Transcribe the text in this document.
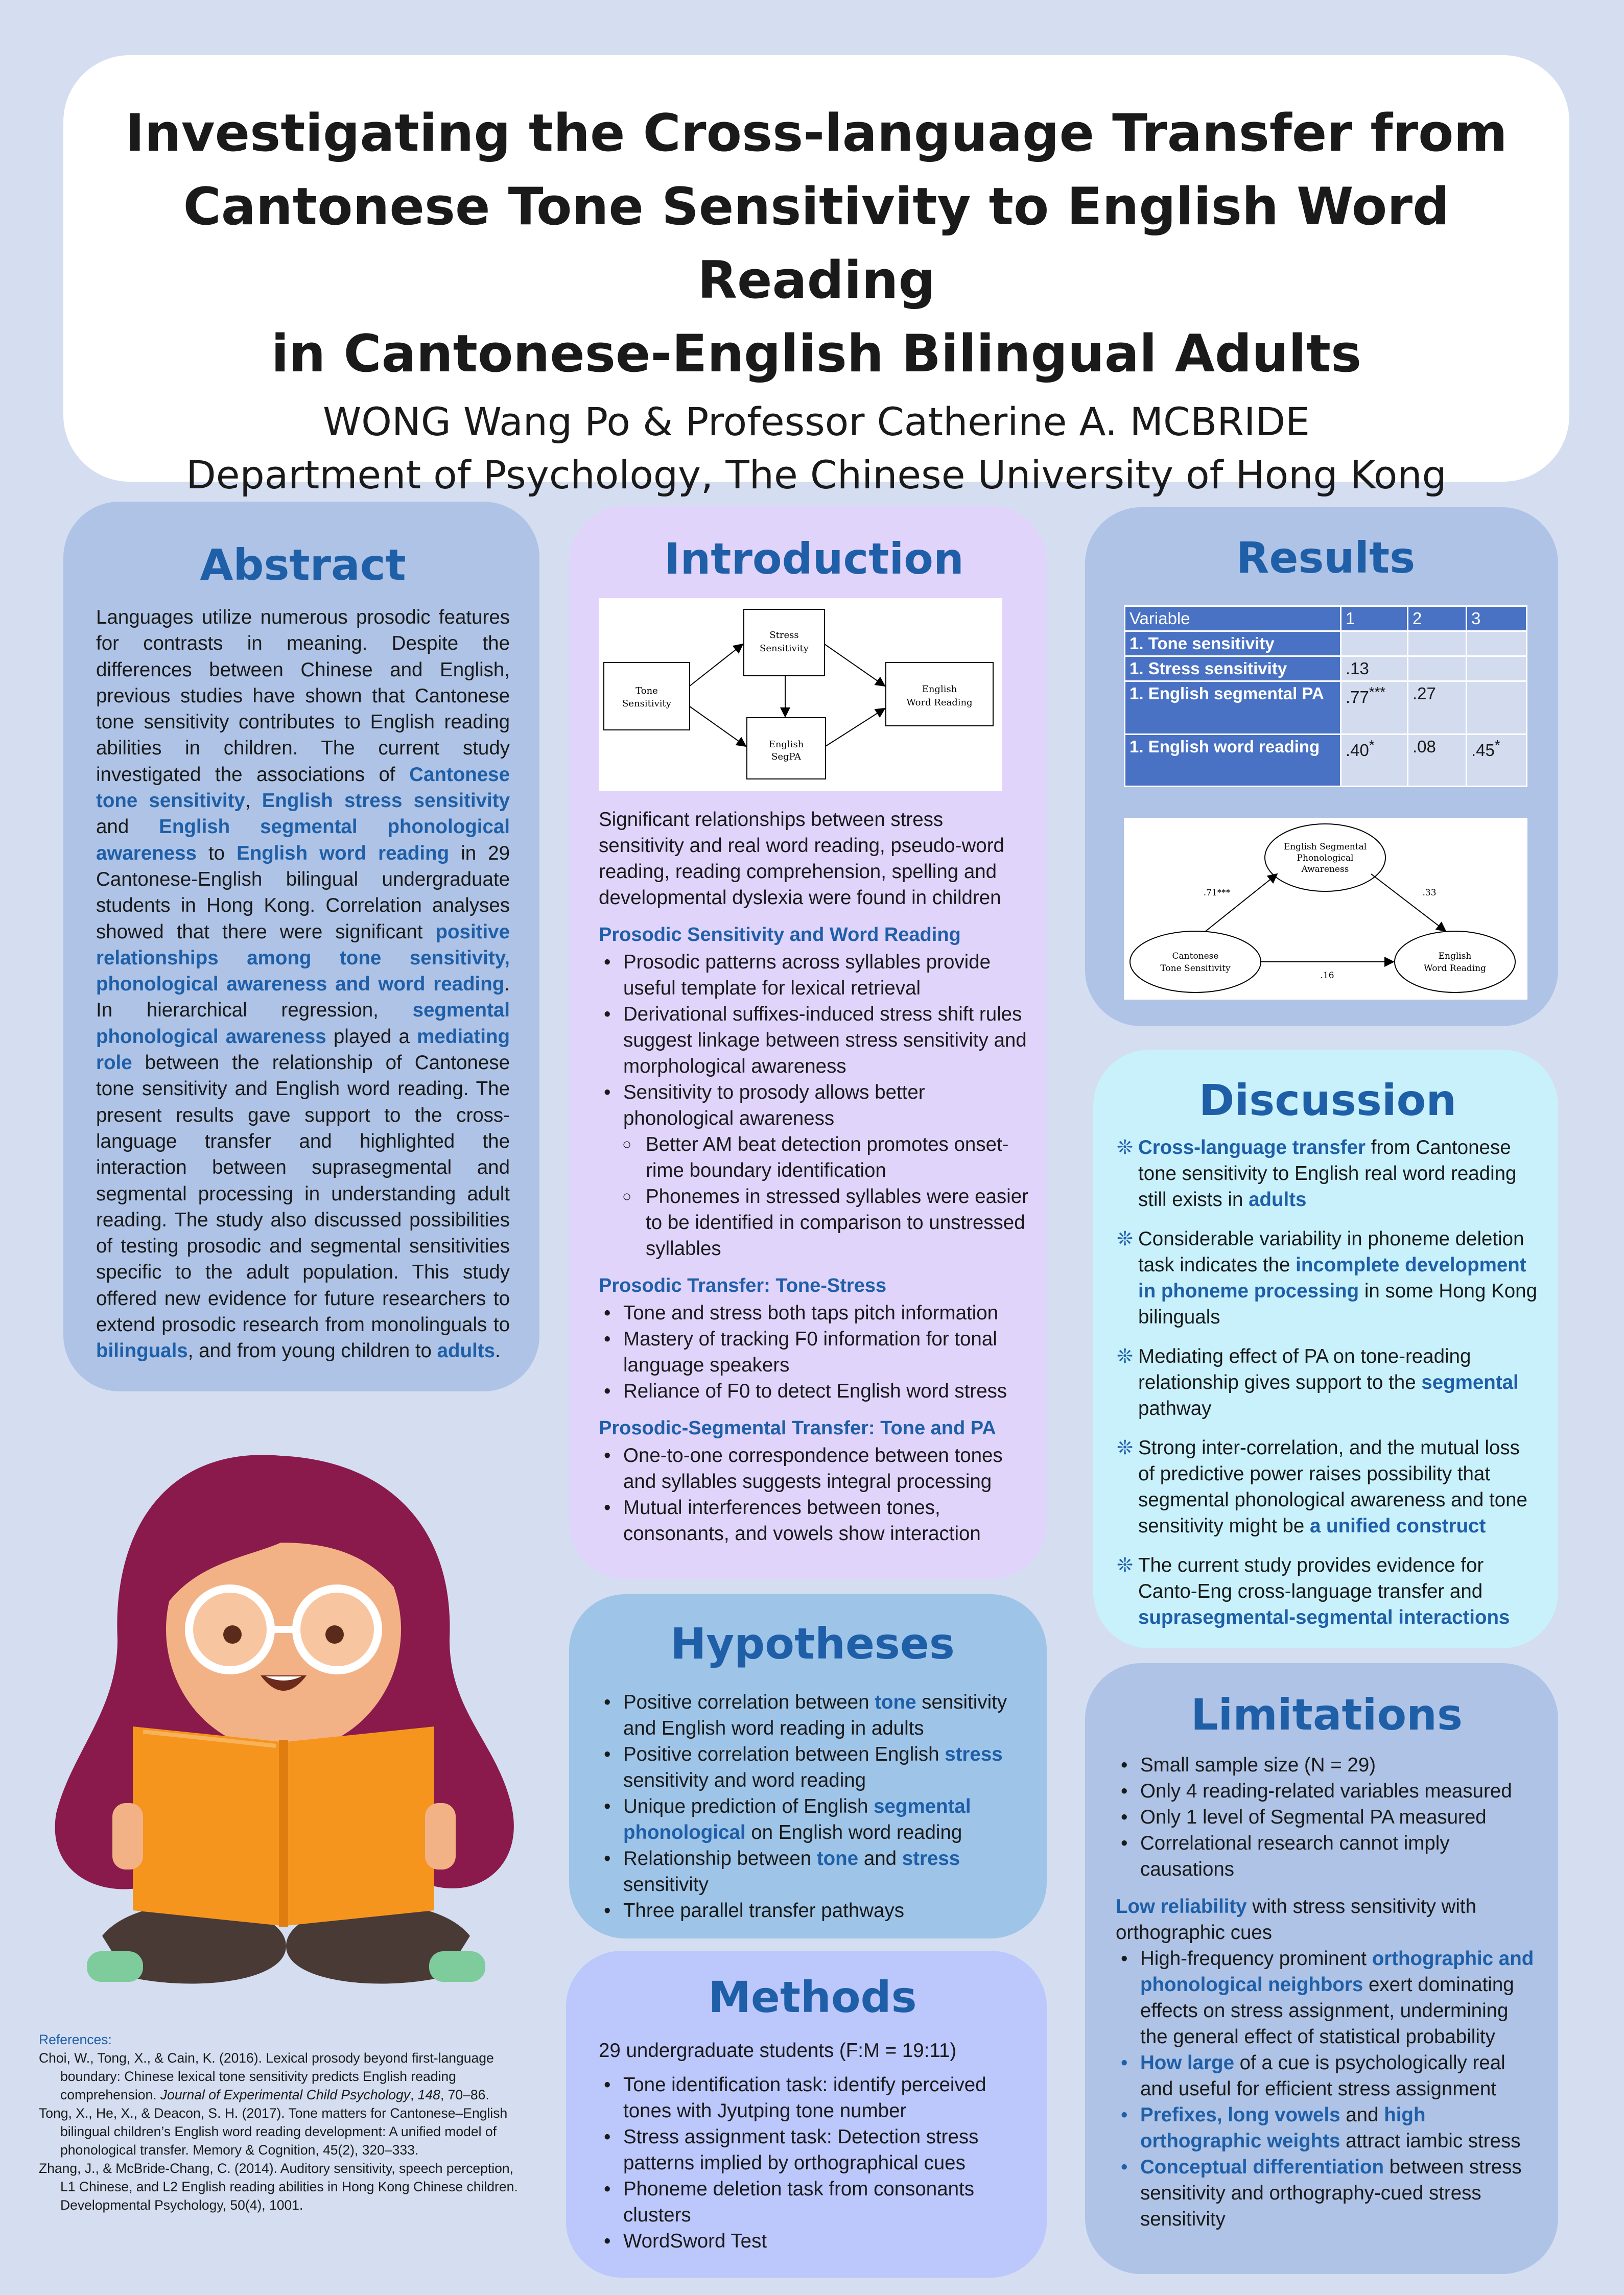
Investigating the Cross-language Transfer from
Cantonese Tone Sensitivity to English Word Reading
in Cantonese-English Bilingual Adults
WONG Wang Po & Professor Catherine A. MCBRIDE
Department of Psychology, The Chinese University of Hong Kong
Abstract
Languages utilize numerous prosodic features for contrasts in meaning. Despite the differences between Chinese and English, previous studies have shown that Cantonese tone sensitivity contributes to English reading abilities in children. The current study investigated the associations of Cantonese tone sensitivity, English stress sensitivity and English segmental phonological awareness to English word reading in 29 Cantonese-English bilingual undergraduate students in Hong Kong. Correlation analyses showed that there were significant positive relationships among tone sensitivity, phonological awareness and word reading. In hierarchical regression, segmental phonological awareness played a mediating role between the relationship of Cantonese tone sensitivity and English word reading. The present results gave support to the cross-language transfer and highlighted the interaction between suprasegmental and segmental processing in understanding adult reading. The study also discussed possibilities of testing prosodic and segmental sensitivities specific to the adult population. This study offered new evidence for future researchers to extend prosodic research from monolinguals to bilinguals, and from young children to adults.
Introduction
Tone
Sensitivity
Stress
Sensitivity
English
SegPA
English
Word Reading
Significant relationships between stress sensitivity and real word reading, pseudo-word reading, reading comprehension, spelling and developmental dyslexia were found in children
Prosodic Sensitivity and Word Reading
• Prosodic patterns across syllables provide useful template for lexical retrieval
• Derivational suffixes-induced stress shift rules suggest linkage between stress sensitivity and morphological awareness
• Sensitivity to prosody allows better phonological awareness
○ Better AM beat detection promotes onset-rime boundary identification
○ Phonemes in stressed syllables were easier to be identified in comparison to unstressed syllables
Prosodic Transfer: Tone-Stress
• Tone and stress both taps pitch information
• Mastery of tracking F0 information for tonal language speakers
• Reliance of F0 to detect English word stress
Prosodic-Segmental Transfer: Tone and PA
• One-to-one correspondence between tones and syllables suggests integral processing
• Mutual interferences between tones, consonants, and vowels show interaction
Results
Variable	1	2	3
1. Tone sensitivity			
1. Stress sensitivity	.13		
1. English segmental PA	.77***	.27	
1. English word reading	.40*	.08	.45*
English Segmental
Phonological
Awareness
Cantonese
Tone Sensitivity
English
Word Reading
.71***	.33
.16
Discussion
❊ Cross-language transfer from Cantonese tone sensitivity to English real word reading still exists in adults
❊ Considerable variability in phoneme deletion task indicates the incomplete development in phoneme processing in some Hong Kong bilinguals
❊ Mediating effect of PA on tone-reading relationship gives support to the segmental pathway
❊ Strong inter-correlation, and the mutual loss of predictive power raises possibility that segmental phonological awareness and tone sensitivity might be a unified construct
❊ The current study provides evidence for Canto-Eng cross-language transfer and suprasegmental-segmental interactions
Limitations
• Small sample size (N = 29)
• Only 4 reading-related variables measured
• Only 1 level of Segmental PA measured
• Correlational research cannot imply causations
Low reliability with stress sensitivity with orthographic cues
• High-frequency prominent orthographic and phonological neighbors exert dominating effects on stress assignment, undermining the general effect of statistical probability
• How large of a cue is psychologically real and useful for efficient stress assignment
• Prefixes, long vowels and high orthographic weights attract iambic stress
• Conceptual differentiation between stress sensitivity and orthography-cued stress sensitivity
Hypotheses
• Positive correlation between tone sensitivity and English word reading in adults
• Positive correlation between English stress sensitivity and word reading
• Unique prediction of English segmental phonological on English word reading
• Relationship between tone and stress sensitivity
• Three parallel transfer pathways
Methods
29 undergraduate students (F:M = 19:11)
• Tone identification task: identify perceived tones with Jyutping tone number
• Stress assignment task: Detection stress patterns implied by orthographical cues
• Phoneme deletion task from consonants clusters
• WordSword Test
References:
Choi, W., Tong, X., & Cain, K. (2016). Lexical prosody beyond first-language boundary: Chinese lexical tone sensitivity predicts English reading comprehension. Journal of Experimental Child Psychology, 148, 70–86.
Tong, X., He, X., & Deacon, S. H. (2017). Tone matters for Cantonese–English bilingual children’s English word reading development: A unified model of phonological transfer. Memory & Cognition, 45(2), 320–333.
Zhang, J., & McBride-Chang, C. (2014). Auditory sensitivity, speech perception, L1 Chinese, and L2 English reading abilities in Hong Kong Chinese children. Developmental Psychology, 50(4), 1001.
